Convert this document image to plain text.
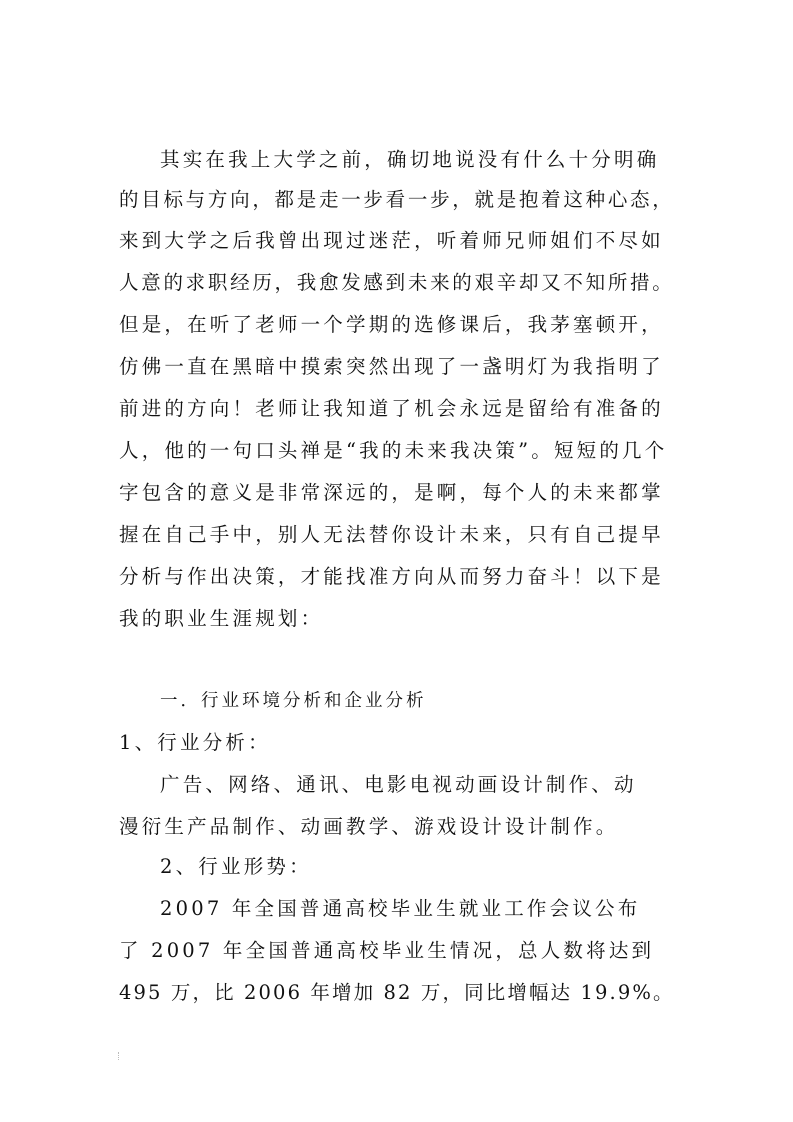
其实在我上大学之前，确切地说没有什么十分明确

的目标与方向，都是走一步看一步，就是抱着这种心态，

来到大学之后我曾出现过迷茫，听着师兄师姐们不尽如

人意的求职经历，我愈发感到未来的艰辛却又不知所措。

但是，在听了老师一个学期的选修课后，我茅塞顿开，

仿佛一直在黑暗中摸索突然出现了一盏明灯为我指明了

前进的方向！老师让我知道了机会永远是留给有准备的

人，他的一句口头禅是“我的未来我决策”。短短的几个

字包含的意义是非常深远的，是啊，每个人的未来都掌

握在自己手中，别人无法替你设计未来，只有自己提早

分析与作出决策，才能找准方向从而努力奋斗！以下是

我的职业生涯规划：

一．行业环境分析和企业分析

1、行业分析：

广告、网络、通讯、电影电视动画设计制作、动

漫衍生产品制作、动画教学、游戏设计设计制作。

2、行业形势：

2007 年全国普通高校毕业生就业工作会议公布

了 2007 年全国普通高校毕业生情况，总人数将达到

495 万，比 2006 年增加 82 万，同比增幅达 19.9%。
